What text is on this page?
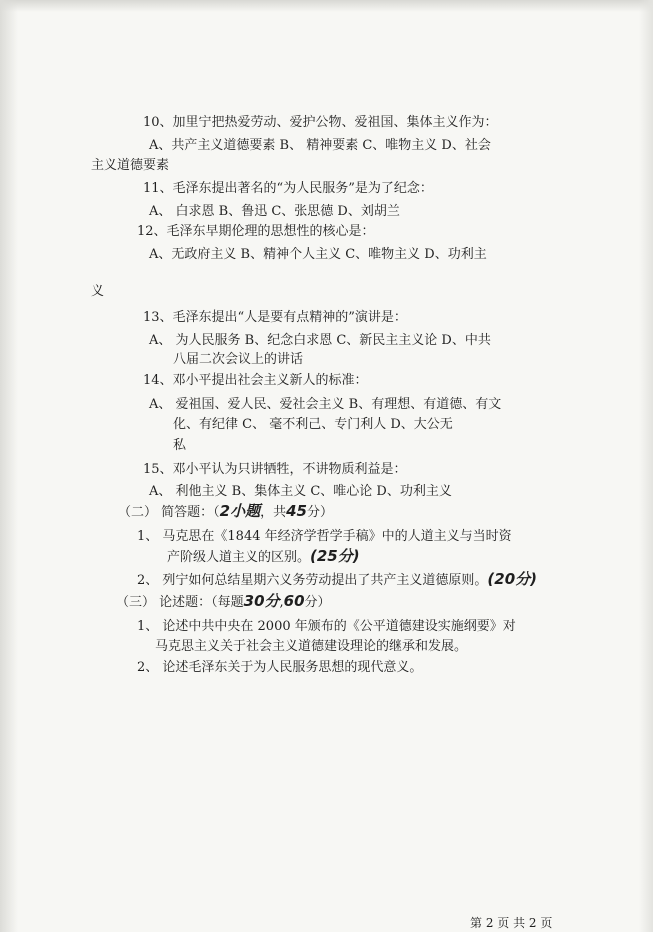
10、加里宁把热爱劳动、爱护公物、爱祖国、集体主义作为：
A、共产主义道德要素 B、 精神要素 C、唯物主义 D、社会
主义道德要素
11、毛泽东提出著名的“为人民服务”是为了纪念：
A、 白求恩 B、鲁迅 C、张思德 D、刘胡兰
12、毛泽东早期伦理的思想性的核心是：
A、无政府主义 B、精神个人主义 C、唯物主义 D、功利主
义
13、毛泽东提出“人是要有点精神的”演讲是：
A、 为人民服务 B、纪念白求恩 C、新民主主义论 D、中共
八届二次会议上的讲话
14、邓小平提出社会主义新人的标准：
A、 爱祖国、爱人民、爱社会主义 B、有理想、有道德、有文
化、有纪律 C、 毫不利己、专门利人 D、大公无
私
15、邓小平认为只讲牺牲，不讲物质利益是：
A、 利他主义 B、集体主义 C、唯心论 D、功利主义
（二） 简答题：（2小题，共45分）
1、 马克思在《1844 年经济学哲学手稿》中的人道主义与当时资
产阶级人道主义的区别。(25分)
2、 列宁如何总结星期六义务劳动提出了共产主义道德原则。(20分)
（三） 论述题：（每题30分,60分）
1、 论述中共中央在 2000 年颁布的《公平道德建设实施纲要》对
马克思主义关于社会主义道德建设理论的继承和发展。
2、 论述毛泽东关于为人民服务思想的现代意义。
第 2 页 共 2 页
